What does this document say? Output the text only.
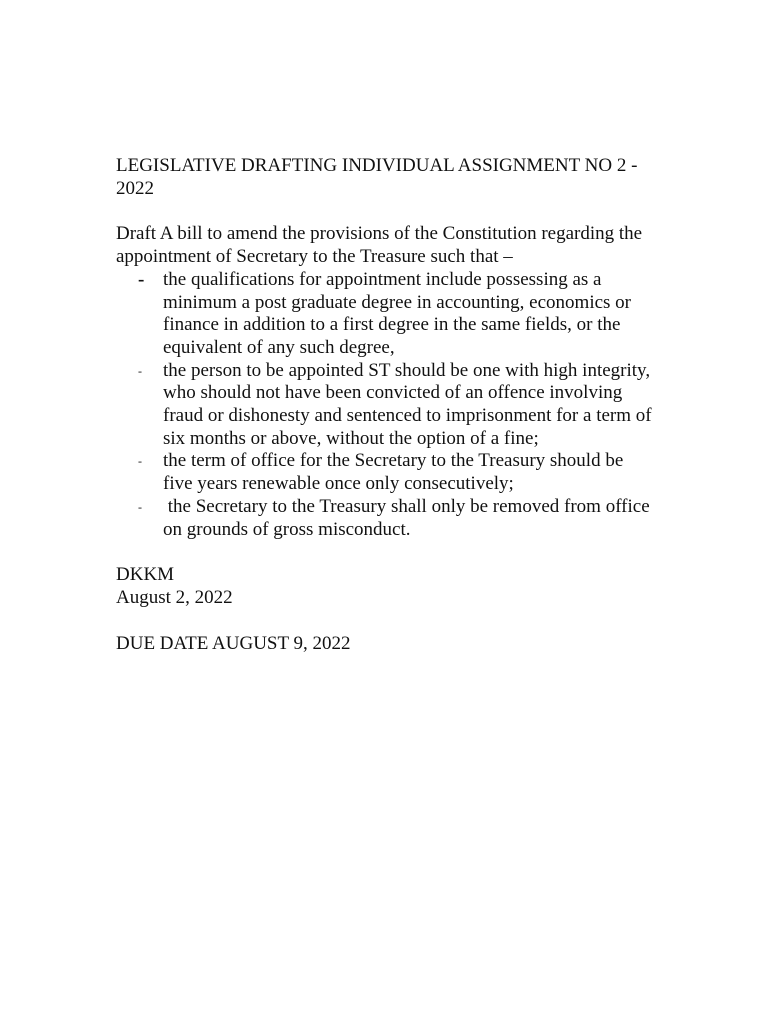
LEGISLATIVE DRAFTING INDIVIDUAL ASSIGNMENT NO 2 - 2022

Draft A bill to amend the provisions of the Constitution regarding the appointment of Secretary to the Treasure such that –

- the qualifications for appointment include possessing as a minimum a post graduate degree in accounting, economics or finance in addition to a first degree in the same fields, or the equivalent of any such degree,
- the person to be appointed ST should be one with high integrity, who should not have been convicted of an offence involving fraud or dishonesty and sentenced to imprisonment for a term of six months or above, without the option of a fine;
- the term of office for the Secretary to the Treasury should be five years renewable once only consecutively;
- the Secretary to the Treasury shall only be removed from office on grounds of gross misconduct.

DKKM
August 2, 2022

DUE DATE AUGUST 9, 2022
